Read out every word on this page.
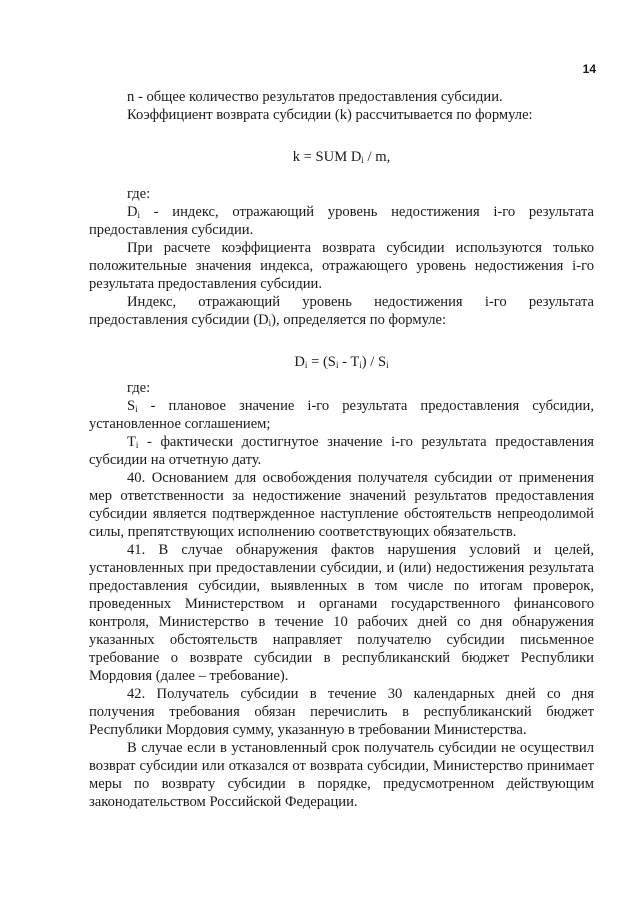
14

n - общее количество результатов предоставления субсидии.

Коэффициент возврата субсидии (k) рассчитывается по формуле:

k = SUM $D_i$ / m,

где:

$D_i$ - индекс, отражающий уровень недостижения i-го результата предоставления субсидии.

При расчете коэффициента возврата субсидии используются только положительные значения индекса, отражающего уровень недостижения i-го результата предоставления субсидии.

Индекс, отражающий уровень недостижения i-го результата предоставления субсидии $(D_i)$, определяется по формуле:

$D_i = (S_i - T_i) / S_i$

где:

$S_i$ - плановое значение i-го результата предоставления субсидии, установленное соглашением;

$T_i$ - фактически достигнутое значение i-го результата предоставления субсидии на отчетную дату.

40. Основанием для освобождения получателя субсидии от применения мер ответственности за недостижение значений результатов предоставления субсидии является подтвержденное наступление обстоятельств непреодолимой силы, препятствующих исполнению соответствующих обязательств.

41. В случае обнаружения фактов нарушения условий и целей, установленных при предоставлении субсидии, и (или) недостижения результата предоставления субсидии, выявленных в том числе по итогам проверок, проведенных Министерством и органами государственного финансового контроля, Министерство в течение 10 рабочих дней со дня обнаружения указанных обстоятельств направляет получателю субсидии письменное требование о возврате субсидии в республиканский бюджет Республики Мордовия (далее – требование).

42. Получатель субсидии в течение 30 календарных дней со дня получения требования обязан перечислить в республиканский бюджет Республики Мордовия сумму, указанную в требовании Министерства.

В случае если в установленный срок получатель субсидии не осуществил возврат субсидии или отказался от возврата субсидии, Министерство принимает меры по возврату субсидии в порядке, предусмотренном действующим законодательством Российской Федерации.
